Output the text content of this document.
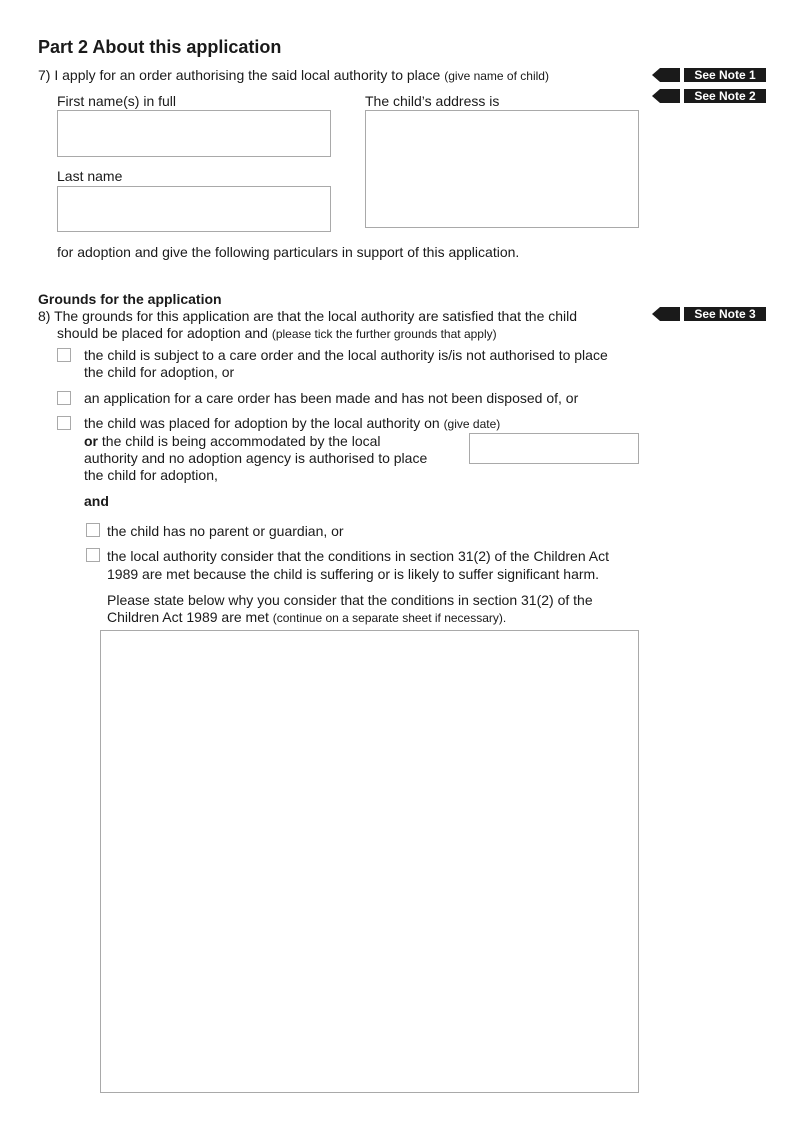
Part 2 About this application
7) I apply for an order authorising the said local authority to place (give name of child)	See Note 1
See Note 2
First name(s) in full	The child’s address is
Last name
for adoption and give the following particulars in support of this application.
Grounds for the application
8) The grounds for this application are that the local authority are satisfied that the child
should be placed for adoption and (please tick the further grounds that apply)
See Note 3
the child is subject to a care order and the local authority is/is not authorised to place
the child for adoption, or
an application for a care order has been made and has not been disposed of, or
the child was placed for adoption by the local authority on (give date)
or the child is being accommodated by the local
authority and no adoption agency is authorised to place
the child for adoption,
and
the child has no parent or guardian, or
the local authority consider that the conditions in section 31(2) of the Children Act
1989 are met because the child is suffering or is likely to suffer significant harm.
Please state below why you consider that the conditions in section 31(2) of the
Children Act 1989 are met (continue on a separate sheet if necessary).
